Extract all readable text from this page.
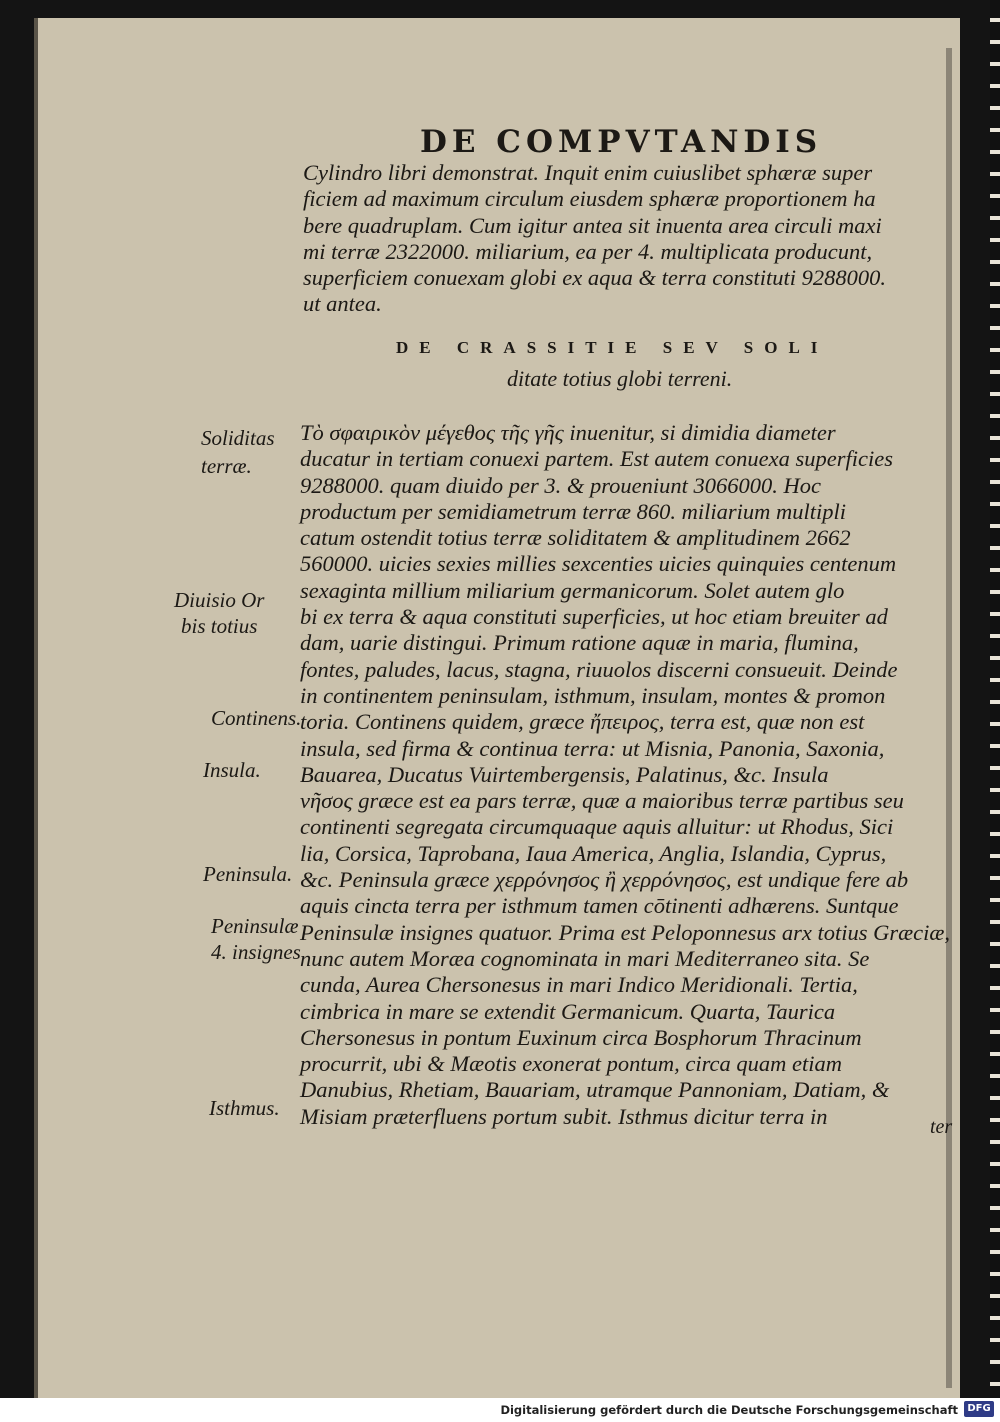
DE COMPVTANDIS
Cylindro libri demonstrat. Inquit enim cuiuslibet sphæræ super
ficiem ad maximum circulum eiusdem sphæræ proportionem ha
bere quadruplam. Cum igitur antea sit inuenta area circuli maxi
mi terræ 2322000. miliarium, ea per 4. multiplicata producunt,
superficiem conuexam globi ex aqua & terra constituti 9288000.
ut antea.
DE CRASSITIE SEV SOLI
ditate totius globi terreni.
Τὸ σφαιρικὸν μέγεθος τῆς γῆς inuenitur, si dimidia diameter
ducatur in tertiam conuexi partem. Est autem conuexa superficies
9288000. quam diuido per 3. & proueniunt 3066000. Hoc
productum per semidiametrum terræ 860. miliarium multipli
catum ostendit totius terræ soliditatem & amplitudinem 2662
560000. uicies sexies millies sexcenties uicies quinquies centenum
sexaginta millium miliarium germanicorum. Solet autem glo
bi ex terra & aqua constituti superficies, ut hoc etiam breuiter ad
dam, uarie distingui. Primum ratione aquæ in maria, flumina,
fontes, paludes, lacus, stagna, riuuolos discerni consueuit. Deinde
in continentem peninsulam, isthmum, insulam, montes & promon
toria. Continens quidem, græce ἤπειρος, terra est, quæ non est
insula, sed firma & continua terra: ut Misnia, Panonia, Saxonia,
Bauarea, Ducatus Vuirtembergensis, Palatinus, &c. Insula
νῆσος græce est ea pars terræ, quæ a maioribus terræ partibus seu
continenti segregata circumquaque aquis alluitur: ut Rhodus, Sici
lia, Corsica, Taprobana, Iaua America, Anglia, Islandia, Cyprus,
&c. Peninsula græce χερρόνησος ἢ χερρόνησος, est undique fere ab
aquis cincta terra per isthmum tamen cōtinenti adhærens. Suntque
Peninsulæ insignes quatuor. Prima est Peloponnesus arx totius Græciæ,
nunc autem Moræa cognominata in mari Mediterraneo sita. Se
cunda, Aurea Chersonesus in mari Indico Meridionali. Tertia,
cimbrica in mare se extendit Germanicum. Quarta, Taurica
Chersonesus in pontum Euxinum circa Bosphorum Thracinum
procurrit, ubi & Mæotis exonerat pontum, circa quam etiam
Danubius, Rhetiam, Bauariam, utramque Pannoniam, Datiam, &
Misiam præterfluens portum subit. Isthmus dicitur terra in	ter
Soliditas
terræ.
Diuisio Or
bis totius
Continens.
Insula.
Peninsula.
Peninsulæ
4. insignes
Isthmus.
Digitalisierung gefördert durch die Deutsche Forschungsgemeinschaft DFG
